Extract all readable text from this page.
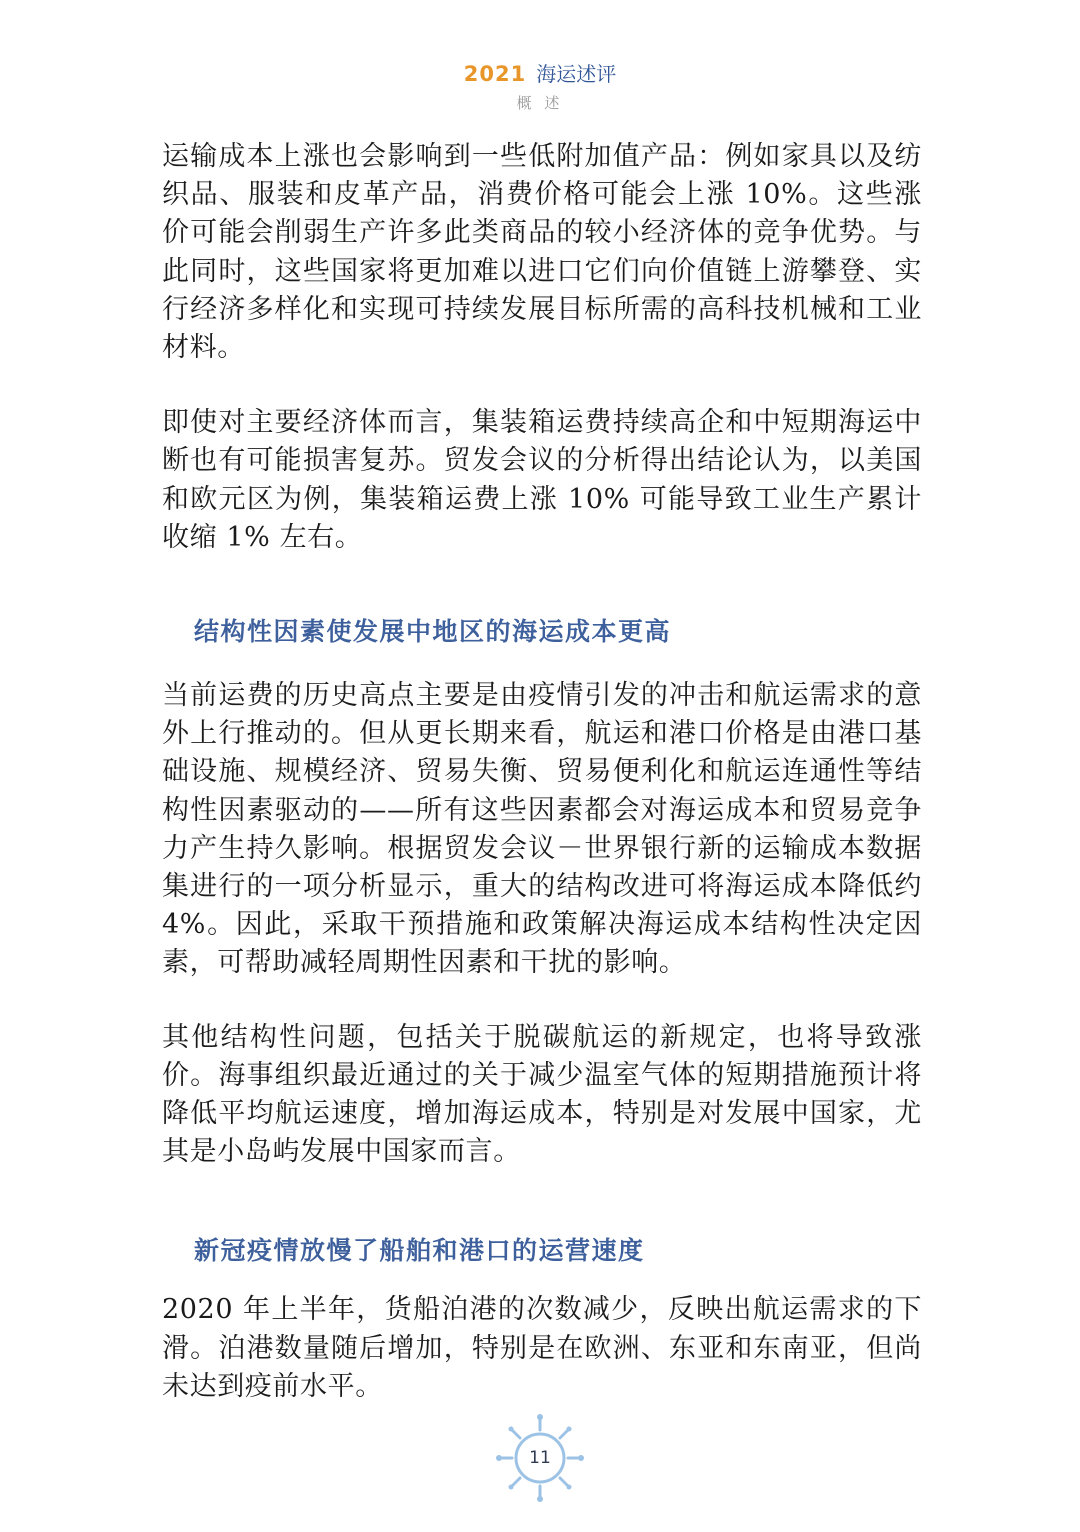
2021 海运述评
概 述

运输成本上涨也会影响到一些低附加值产品：例如家具以及纺织品、服装和皮革产品，消费价格可能会上涨 10%。这些涨价可能会削弱生产许多此类商品的较小经济体的竞争优势。与此同时，这些国家将更加难以进口它们向价值链上游攀登、实行经济多样化和实现可持续发展目标所需的高科技机械和工业材料。

即使对主要经济体而言，集装箱运费持续高企和中短期海运中断也有可能损害复苏。贸发会议的分析得出结论认为，以美国和欧元区为例，集装箱运费上涨 10% 可能导致工业生产累计收缩 1% 左右。

结构性因素使发展中地区的海运成本更高

当前运费的历史高点主要是由疫情引发的冲击和航运需求的意外上行推动的。但从更长期来看，航运和港口价格是由港口基础设施、规模经济、贸易失衡、贸易便利化和航运连通性等结构性因素驱动的——所有这些因素都会对海运成本和贸易竞争力产生持久影响。根据贸发会议－世界银行新的运输成本数据集进行的一项分析显示，重大的结构改进可将海运成本降低约 4%。因此，采取干预措施和政策解决海运成本结构性决定因素，可帮助减轻周期性因素和干扰的影响。

其他结构性问题，包括关于脱碳航运的新规定，也将导致涨价。海事组织最近通过的关于减少温室气体的短期措施预计将降低平均航运速度，增加海运成本，特别是对发展中国家，尤其是小岛屿发展中国家而言。

新冠疫情放慢了船舶和港口的运营速度

2020 年上半年，货船泊港的次数减少，反映出航运需求的下滑。泊港数量随后增加，特别是在欧洲、东亚和东南亚，但尚未达到疫前水平。

11
